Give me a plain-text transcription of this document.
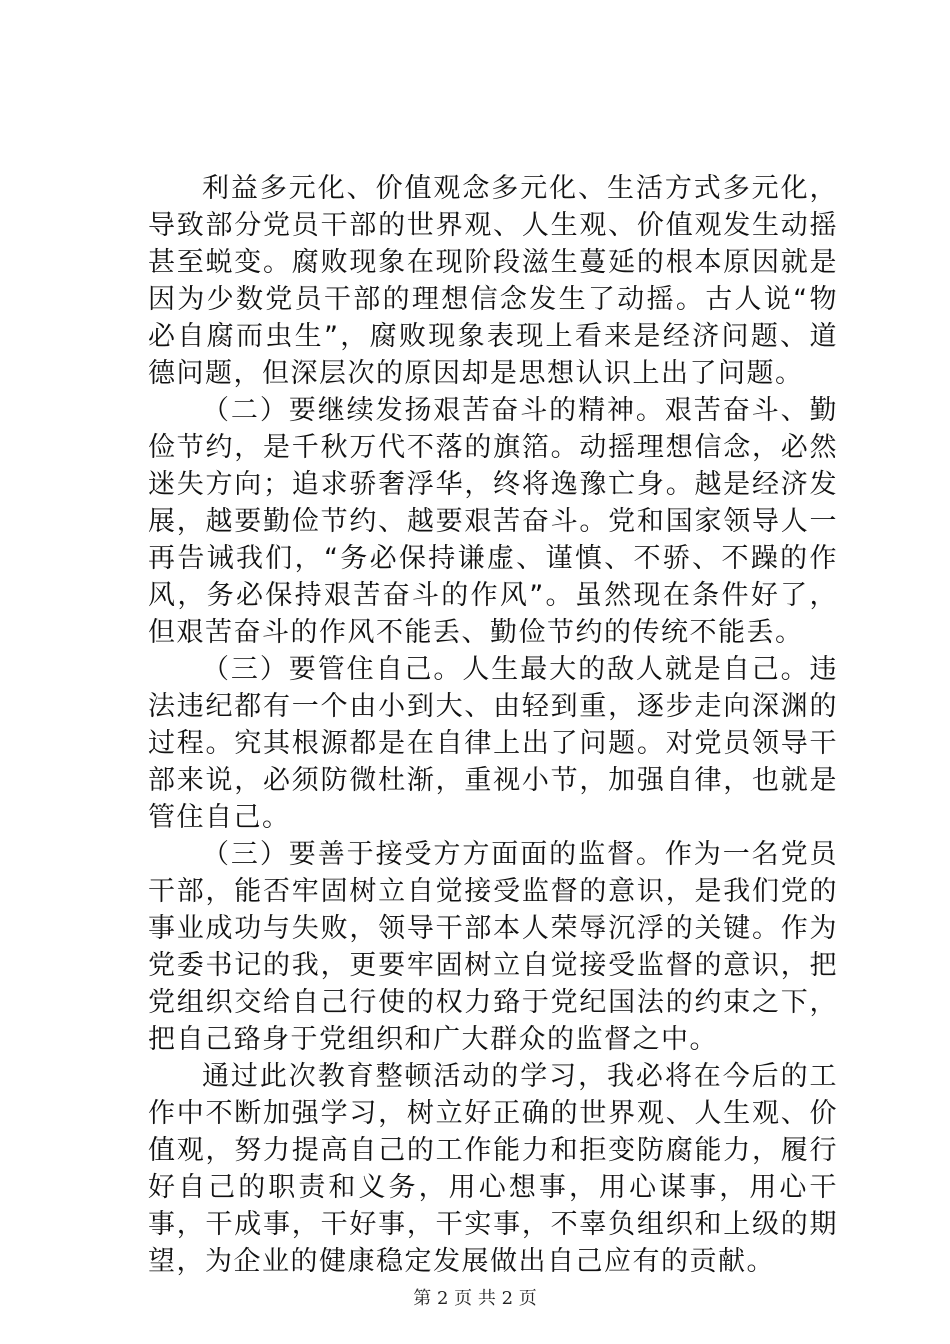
利益多元化、价值观念多元化、生活方式多元化，导致部分党员干部的世界观、人生观、价值观发生动摇甚至蜕变。腐败现象在现阶段滋生蔓延的根本原因就是因为少数党员干部的理想信念发生了动摇。古人说“物必自腐而虫生”，腐败现象表现上看来是经济问题、道德问题，但深层次的原因却是思想认识上出了问题。

（二）要继续发扬艰苦奋斗的精神。艰苦奋斗、勤俭节约，是千秋万代不落的旗箔。动摇理想信念，必然迷失方向；追求骄奢浮华，终将逸豫亡身。越是经济发展，越要勤俭节约、越要艰苦奋斗。党和国家领导人一再告诫我们，“务必保持谦虚、谨慎、不骄、不躁的作风，务必保持艰苦奋斗的作风”。虽然现在条件好了，但艰苦奋斗的作风不能丢、勤俭节约的传统不能丢。

（三）要管住自己。人生最大的敌人就是自己。违法违纪都有一个由小到大、由轻到重，逐步走向深渊的过程。究其根源都是在自律上出了问题。对党员领导干部来说，必须防微杜渐，重视小节，加强自律，也就是管住自己。

（三）要善于接受方方面面的监督。作为一名党员干部，能否牢固树立自觉接受监督的意识，是我们党的事业成功与失败，领导干部本人荣辱沉浮的关键。作为党委书记的我，更要牢固树立自觉接受监督的意识，把党组织交给自己行使的权力臵于党纪国法的约束之下，把自己臵身于党组织和广大群众的监督之中。

通过此次教育整顿活动的学习，我必将在今后的工作中不断加强学习，树立好正确的世界观、人生观、价值观，努力提高自己的工作能力和拒变防腐能力，履行好自己的职责和义务，用心想事，用心谋事，用心干事，干成事，干好事，干实事，不辜负组织和上级的期望，为企业的健康稳定发展做出自己应有的贡献。

第 2 页 共 2 页
